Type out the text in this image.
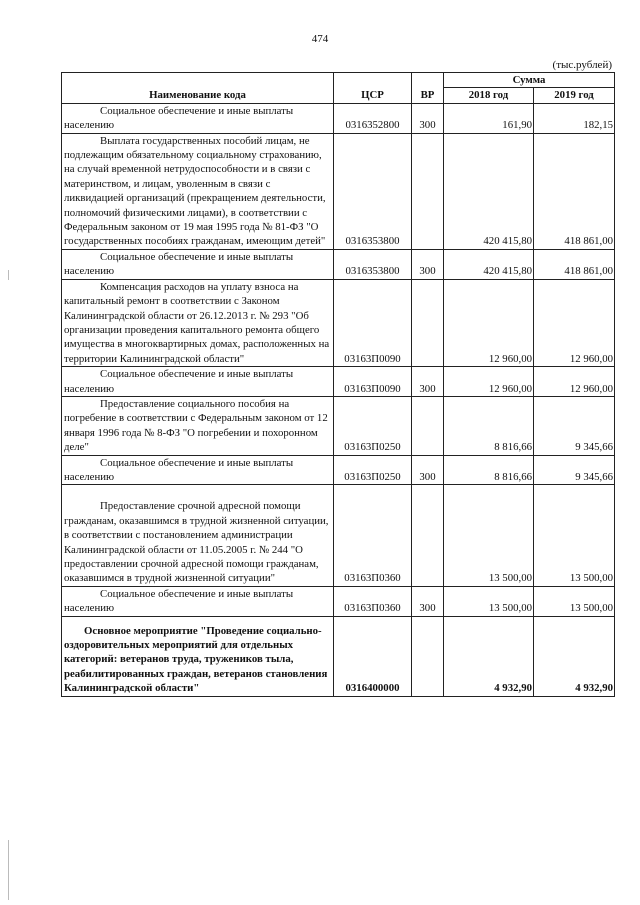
474
(тыс.рублей)
Наименование кода	ЦСР	ВР	Сумма	
			2018 год	2019 год
Социальное обеспечение и иные выплаты населению	0316352800	300	161,90	182,15
Выплата государственных пособий лицам, не подлежащим обязательному социальному страхованию, на случай временной нетрудоспособности и в связи с материнством, и лицам, уволенным в связи с ликвидацией организаций (прекращением деятельности, полномочий физическими лицами), в соответствии с Федеральным законом от 19 мая 1995 года № 81-ФЗ "О государственных пособиях гражданам, имеющим детей"	0316353800		420 415,80	418 861,00
Социальное обеспечение и иные выплаты населению	0316353800	300	420 415,80	418 861,00
Компенсация расходов на уплату взноса на капитальный ремонт в соответствии с Законом Калининградской области от 26.12.2013 г. № 293 "Об организации проведения капитального ремонта общего имущества в многоквартирных домах, расположенных на территории Калининградской области"	03163П0090		12 960,00	12 960,00
Социальное обеспечение и иные выплаты населению	03163П0090	300	12 960,00	12 960,00
Предоставление социального пособия на погребение в соответствии с Федеральным законом от 12 января 1996 года № 8-ФЗ "О погребении и похоронном деле"	03163П0250		8 816,66	9 345,66
Социальное обеспечение и иные выплаты населению	03163П0250	300	8 816,66	9 345,66

Предоставление срочной адресной помощи гражданам, оказавшимся в трудной жизненной ситуации, в соответствии с постановлением администрации Калининградской области от 11.05.2005 г. № 244 "О предоставлении срочной адресной помощи гражданам, оказавшимся в трудной жизненной ситуации"	03163П0360		13 500,00	13 500,00
Социальное обеспечение и иные выплаты населению	03163П0360	300	13 500,00	13 500,00

Основное мероприятие "Проведение социально-оздоровительных мероприятий для отдельных категорий: ветеранов труда, тружеников тыла, реабилитированных граждан, ветеранов становления Калининградской области"	0316400000		4 932,90	4 932,90
